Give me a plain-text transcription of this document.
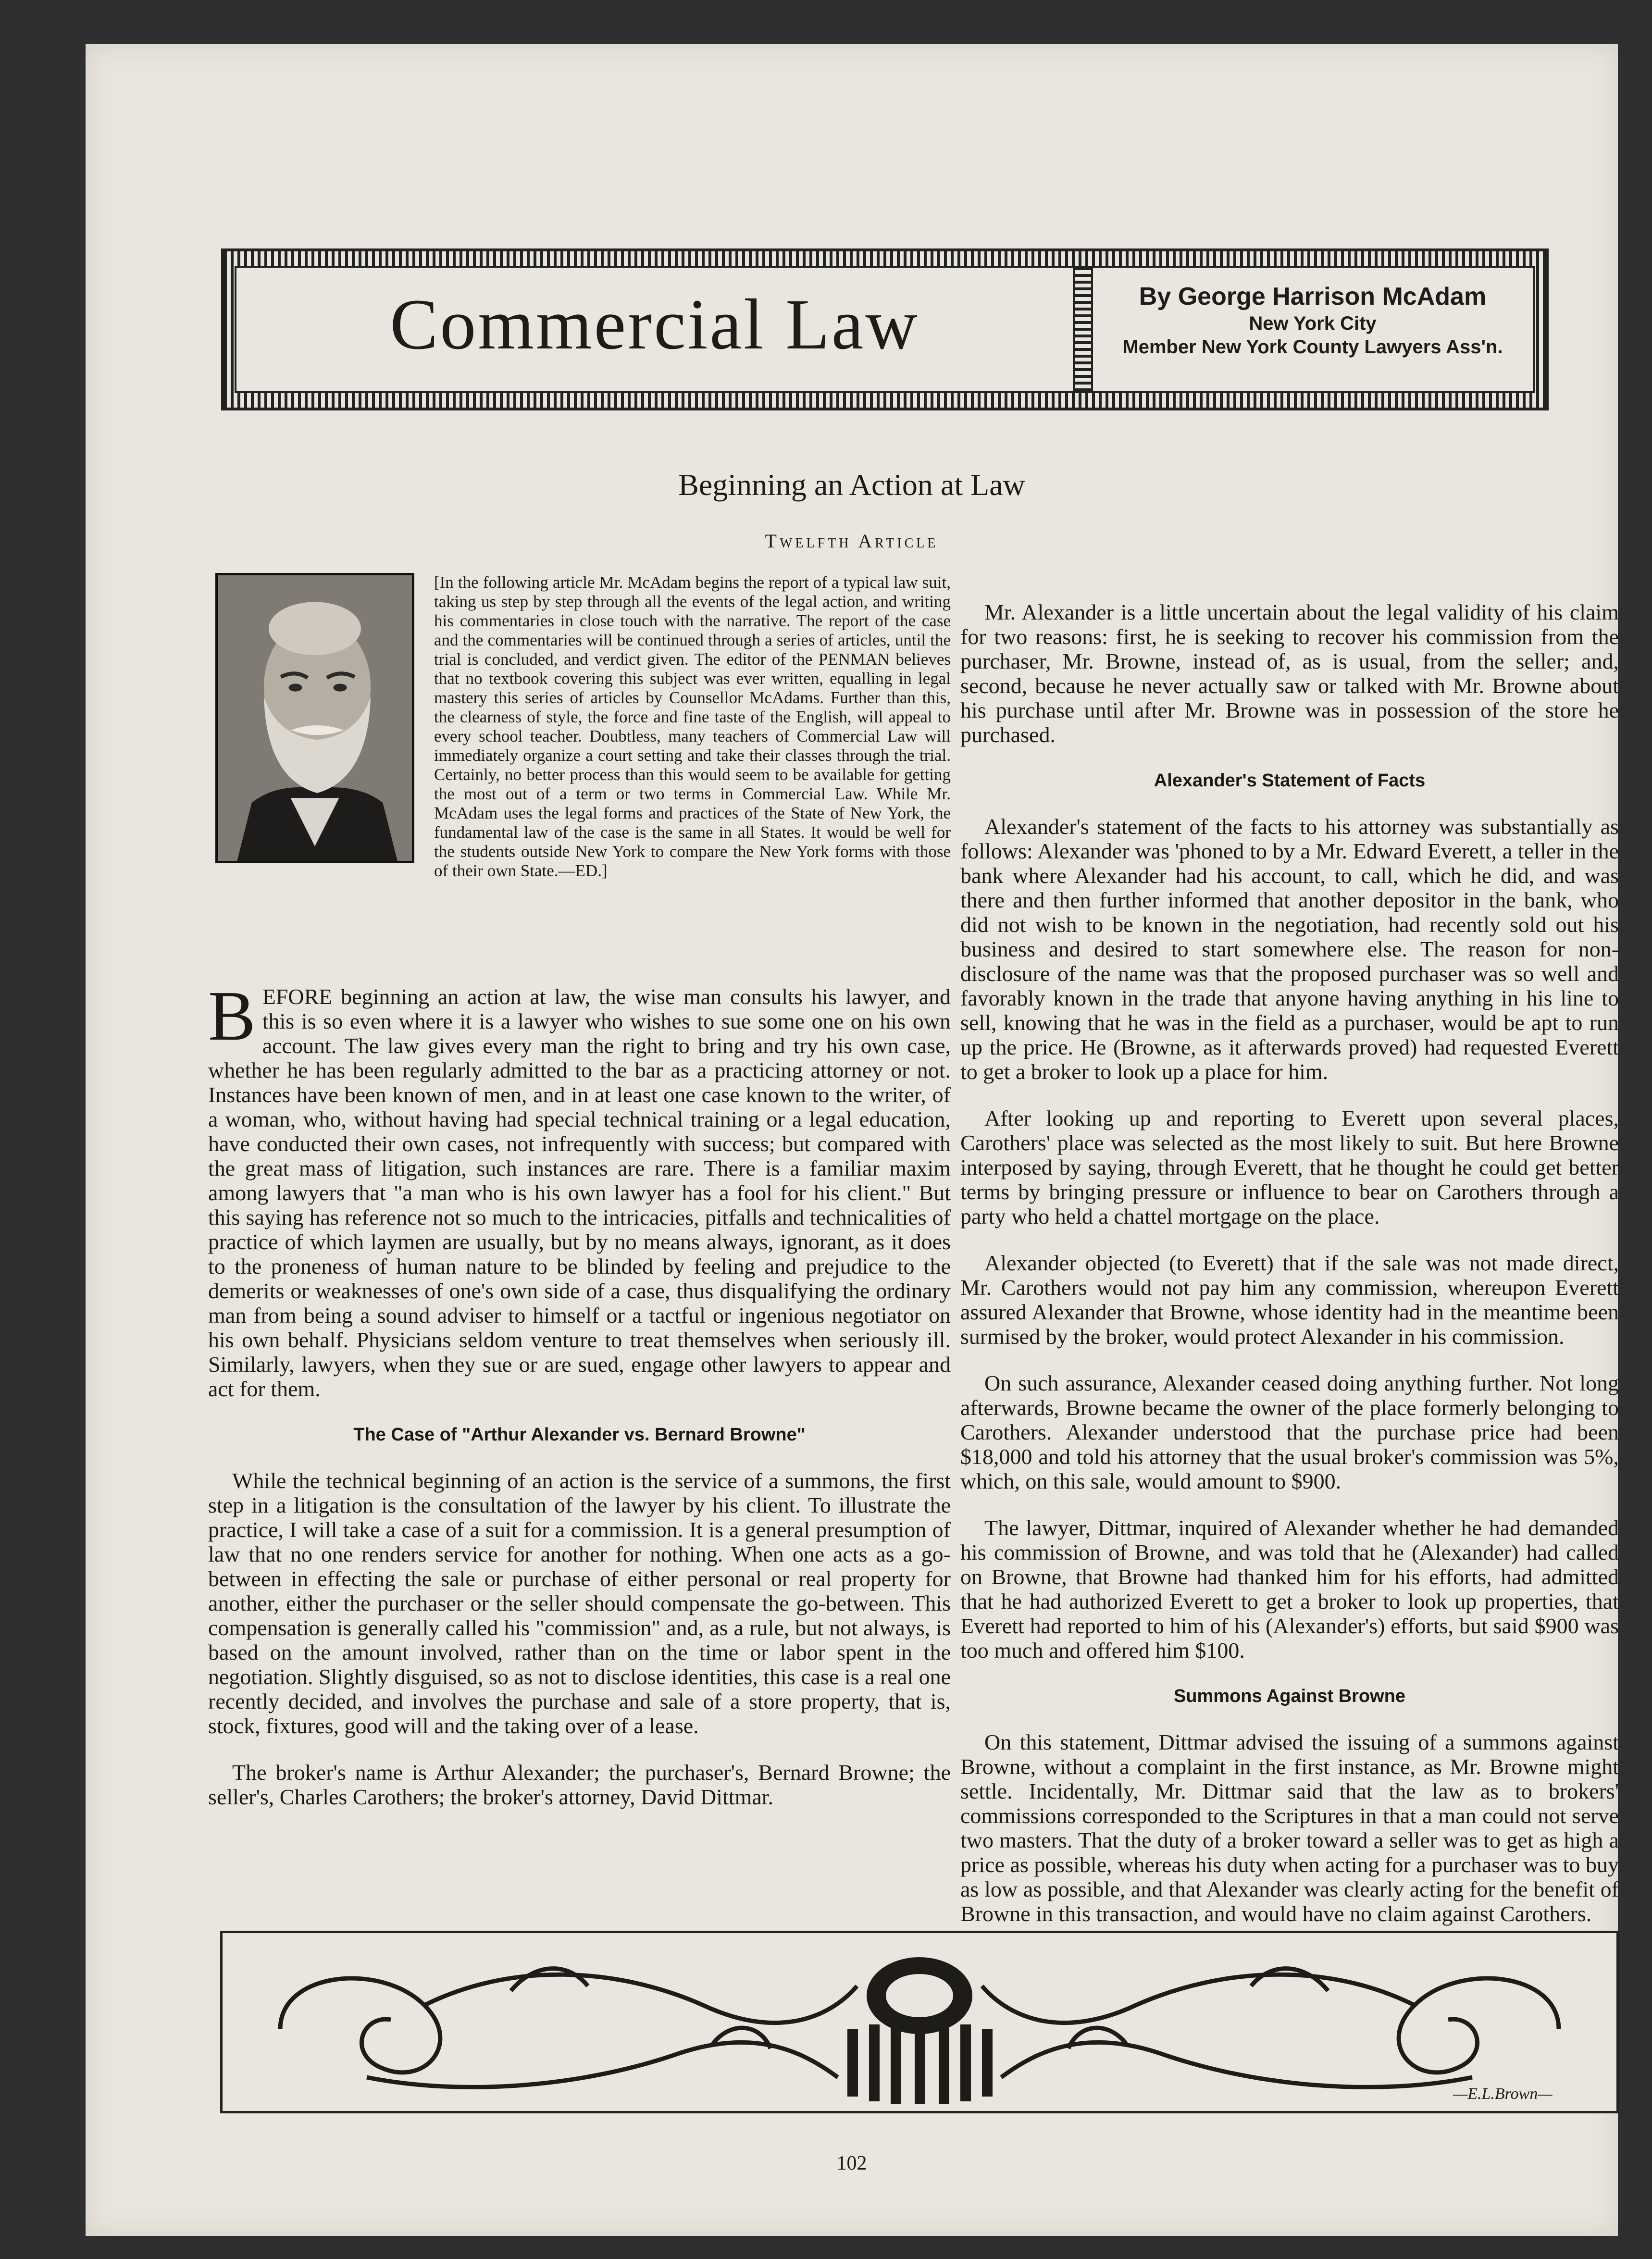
Commercial Law	By George Harrison McAdam
New York City
Member New York County Lawyers Ass'n.
Beginning an Action at Law
Twelfth Article
[In the following article Mr. McAdam begins the report of a typical law suit, taking us step by step through all the events of the legal action, and writing his commentaries in close touch with the narrative. The report of the case and the commentaries will be continued through a series of articles, until the trial is concluded, and verdict given. The editor of the PENMAN believes that no textbook covering this subject was ever written, equalling in legal mastery this series of articles by Counsellor McAdams. Further than this, the clearness of style, the force and fine taste of the English, will appeal to every school teacher. Doubtless, many teachers of Commercial Law will immediately organize a court setting and take their classes through the trial. Certainly, no better process than this would seem to be available for getting the most out of a term or two terms in Commercial Law. While Mr. McAdam uses the legal forms and practices of the State of New York, the fundamental law of the case is the same in all States. It would be well for the students outside New York to compare the New York forms with those of their own State.—ED.]

BEFORE beginning an action at law, the wise man consults his lawyer, and this is so even where it is a lawyer who wishes to sue some one on his own account. The law gives every man the right to bring and try his own case, whether he has been regularly admitted to the bar as a practicing attorney or not. Instances have been known of men, and in at least one case known to the writer, of a woman, who, without having had special technical training or a legal education, have conducted their own cases, not infrequently with success; but compared with the great mass of litigation, such instances are rare. There is a familiar maxim among lawyers that "a man who is his own lawyer has a fool for his client." But this saying has reference not so much to the intricacies, pitfalls and technicalities of practice of which laymen are usually, but by no means always, ignorant, as it does to the proneness of human nature to be blinded by feeling and prejudice to the demerits or weaknesses of one's own side of a case, thus disqualifying the ordinary man from being a sound adviser to himself or a tactful or ingenious negotiator on his own behalf. Physicians seldom venture to treat themselves when seriously ill. Similarly, lawyers, when they sue or are sued, engage other lawyers to appear and act for them.

The Case of "Arthur Alexander vs. Bernard Browne"

While the technical beginning of an action is the service of a summons, the first step in a litigation is the consultation of the lawyer by his client. To illustrate the practice, I will take a case of a suit for a commission. It is a general presumption of law that no one renders service for another for nothing. When one acts as a go-between in effecting the sale or purchase of either personal or real property for another, either the purchaser or the seller should compensate the go-between. This compensation is generally called his "commission" and, as a rule, but not always, is based on the amount involved, rather than on the time or labor spent in the negotiation. Slightly disguised, so as not to disclose identities, this case is a real one recently decided, and involves the purchase and sale of a store property, that is, stock, fixtures, good will and the taking over of a lease.

The broker's name is Arthur Alexander; the purchaser's, Bernard Browne; the seller's, Charles Carothers; the broker's attorney, David Dittmar.

Mr. Alexander is a little uncertain about the legal validity of his claim for two reasons: first, he is seeking to recover his commission from the purchaser, Mr. Browne, instead of, as is usual, from the seller; and, second, because he never actually saw or talked with Mr. Browne about his purchase until after Mr. Browne was in possession of the store he purchased.

Alexander's Statement of Facts

Alexander's statement of the facts to his attorney was substantially as follows: Alexander was 'phoned to by a Mr. Edward Everett, a teller in the bank where Alexander had his account, to call, which he did, and was there and then further informed that another depositor in the bank, who did not wish to be known in the negotiation, had recently sold out his business and desired to start somewhere else. The reason for non-disclosure of the name was that the proposed purchaser was so well and favorably known in the trade that anyone having anything in his line to sell, knowing that he was in the field as a purchaser, would be apt to run up the price. He (Browne, as it afterwards proved) had requested Everett to get a broker to look up a place for him.

After looking up and reporting to Everett upon several places, Carothers' place was selected as the most likely to suit. But here Browne interposed by saying, through Everett, that he thought he could get better terms by bringing pressure or influence to bear on Carothers through a party who held a chattel mortgage on the place.

Alexander objected (to Everett) that if the sale was not made direct, Mr. Carothers would not pay him any commission, whereupon Everett assured Alexander that Browne, whose identity had in the meantime been surmised by the broker, would protect Alexander in his commission.

On such assurance, Alexander ceased doing anything further. Not long afterwards, Browne became the owner of the place formerly belonging to Carothers. Alexander understood that the purchase price had been $18,000 and told his attorney that the usual broker's commission was 5%, which, on this sale, would amount to $900.

The lawyer, Dittmar, inquired of Alexander whether he had demanded his commission of Browne, and was told that he (Alexander) had called on Browne, that Browne had thanked him for his efforts, had admitted that he had authorized Everett to get a broker to look up properties, that Everett had reported to him of his (Alexander's) efforts, but said $900 was too much and offered him $100.

Summons Against Browne

On this statement, Dittmar advised the issuing of a summons against Browne, without a complaint in the first instance, as Mr. Browne might settle. Incidentally, Mr. Dittmar said that the law as to brokers' commissions corresponded to the Scriptures in that a man could not serve two masters. That the duty of a broker toward a seller was to get as high a price as possible, whereas his duty when acting for a purchaser was to buy as low as possible, and that Alexander was clearly acting for the benefit of Browne in this transaction, and would have no claim against Carothers.

—E.L.Brown—
102
